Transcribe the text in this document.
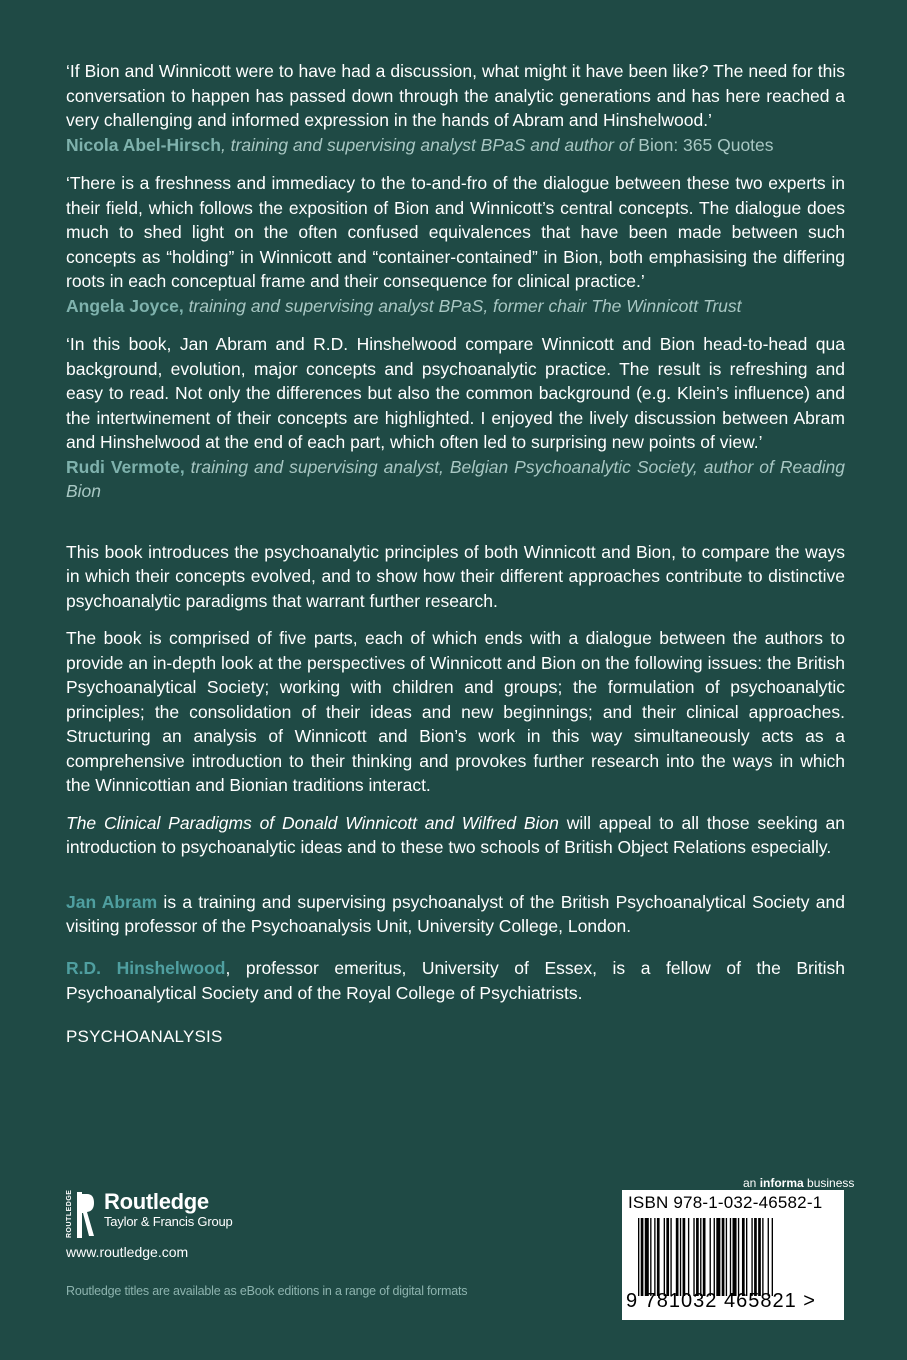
‘If Bion and Winnicott were to have had a discussion, what might it have been like? The need for this conversation to happen has passed down through the analytic generations and has here reached a very challenging and informed expression in the hands of Abram and Hinshelwood.’

Nicola Abel-Hirsch, training and supervising analyst BPaS and author of Bion: 365 Quotes

‘There is a freshness and immediacy to the to-and-fro of the dialogue between these two experts in their field, which follows the exposition of Bion and Winnicott’s central concepts. The dialogue does much to shed light on the often confused equivalences that have been made between such concepts as “holding” in Winnicott and “container-contained” in Bion, both emphasising the differing roots in each conceptual frame and their consequence for clinical practice.’

Angela Joyce, training and supervising analyst BPaS, former chair The Winnicott Trust

‘In this book, Jan Abram and R.D. Hinshelwood compare Winnicott and Bion head-to-head qua background, evolution, major concepts and psychoanalytic practice. The result is refreshing and easy to read. Not only the differences but also the common background (e.g. Klein’s influence) and the intertwinement of their concepts are highlighted. I enjoyed the lively discussion between Abram and Hinshelwood at the end of each part, which often led to surprising new points of view.’

Rudi Vermote, training and supervising analyst, Belgian Psychoanalytic Society, author of Reading Bion

This book introduces the psychoanalytic principles of both Winnicott and Bion, to compare the ways in which their concepts evolved, and to show how their different approaches contribute to distinctive psychoanalytic paradigms that warrant further research.

The book is comprised of five parts, each of which ends with a dialogue between the authors to provide an in-depth look at the perspectives of Winnicott and Bion on the following issues: the British Psychoanalytical Society; working with children and groups; the formulation of psychoanalytic principles; the consolidation of their ideas and new beginnings; and their clinical approaches. Structuring an analysis of Winnicott and Bion’s work in this way simultaneously acts as a comprehensive introduction to their thinking and provokes further research into the ways in which the Winnicottian and Bionian traditions interact.

The Clinical Paradigms of Donald Winnicott and Wilfred Bion will appeal to all those seeking an introduction to psychoanalytic ideas and to these two schools of British Object Relations especially.

Jan Abram is a training and supervising psychoanalyst of the British Psychoanalytical Society and visiting professor of the Psychoanalysis Unit, University College, London.

R.D. Hinshelwood, professor emeritus, University of Essex, is a fellow of the British Psychoanalytical Society and of the Royal College of Psychiatrists.

PSYCHOANALYSIS
ROUTLEDGE Routledge
Taylor & Francis Group
www.routledge.com
Routledge titles are available as eBook editions in a range of digital formats
an informa business
ISBN 978-1-032-46582-1
9 781032 465821 >
